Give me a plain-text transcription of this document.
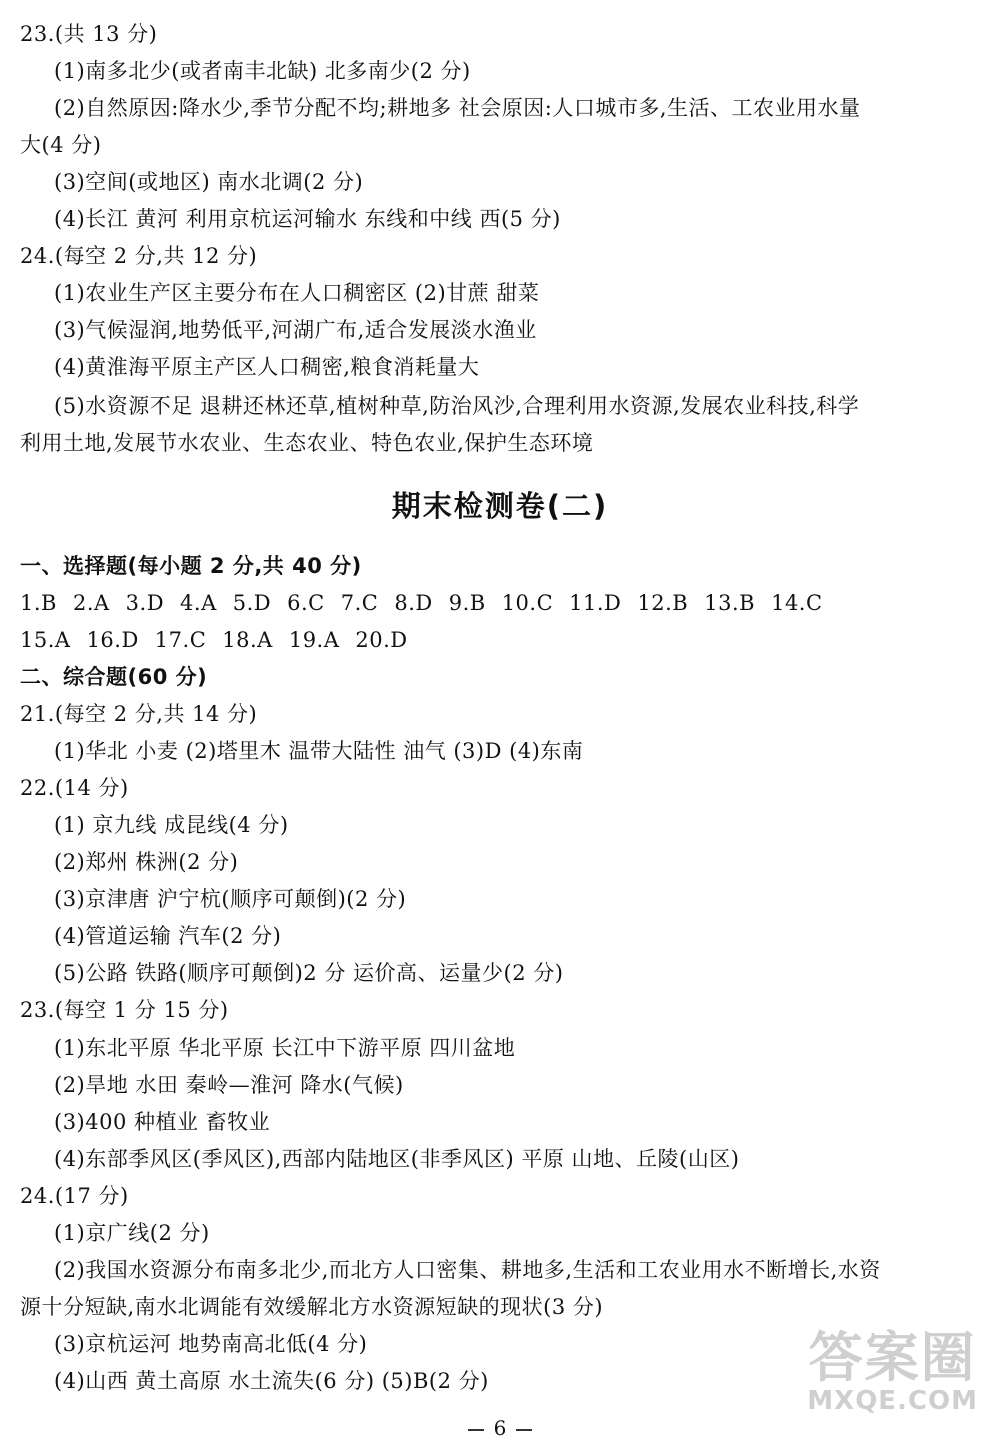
23.(共 13 分)
(1)南多北少(或者南丰北缺) 北多南少(2 分)
(2)自然原因:降水少,季节分配不均;耕地多 社会原因:人口城市多,生活、工农业用水量
大(4 分)
(3)空间(或地区) 南水北调(2 分)
(4)长江 黄河 利用京杭运河输水 东线和中线 西(5 分)
24.(每空 2 分,共 12 分)
(1)农业生产区主要分布在人口稠密区 (2)甘蔗 甜菜
(3)气候湿润,地势低平,河湖广布,适合发展淡水渔业
(4)黄淮海平原主产区人口稠密,粮食消耗量大
(5)水资源不足 退耕还林还草,植树种草,防治风沙,合理利用水资源,发展农业科技,科学
利用土地,发展节水农业、生态农业、特色农业,保护生态环境
期末检测卷(二)
一、选择题(每小题 2 分,共 40 分)
1.B 2.A 3.D 4.A 5.D 6.C 7.C 8.D 9.B 10.C 11.D 12.B 13.B 14.C
15.A 16.D 17.C 18.A 19.A 20.D
二、综合题(60 分)
21.(每空 2 分,共 14 分)
(1)华北 小麦 (2)塔里木 温带大陆性 油气 (3)D (4)东南
22.(14 分)
(1) 京九线 成昆线(4 分)
(2)郑州 株洲(2 分)
(3)京津唐 沪宁杭(顺序可颠倒)(2 分)
(4)管道运输 汽车(2 分)
(5)公路 铁路(顺序可颠倒)2 分 运价高、运量少(2 分)
23.(每空 1 分 15 分)
(1)东北平原 华北平原 长江中下游平原 四川盆地
(2)旱地 水田 秦岭—淮河 降水(气候)
(3)400 种植业 畜牧业
(4)东部季风区(季风区),西部内陆地区(非季风区) 平原 山地、丘陵(山区)
24.(17 分)
(1)京广线(2 分)
(2)我国水资源分布南多北少,而北方人口密集、耕地多,生活和工农业用水不断增长,水资
源十分短缺,南水北调能有效缓解北方水资源短缺的现状(3 分)
(3)京杭运河 地势南高北低(4 分)
(4)山西 黄土高原 水土流失(6 分) (5)B(2 分)
6
答案圈
MXQE.COM
